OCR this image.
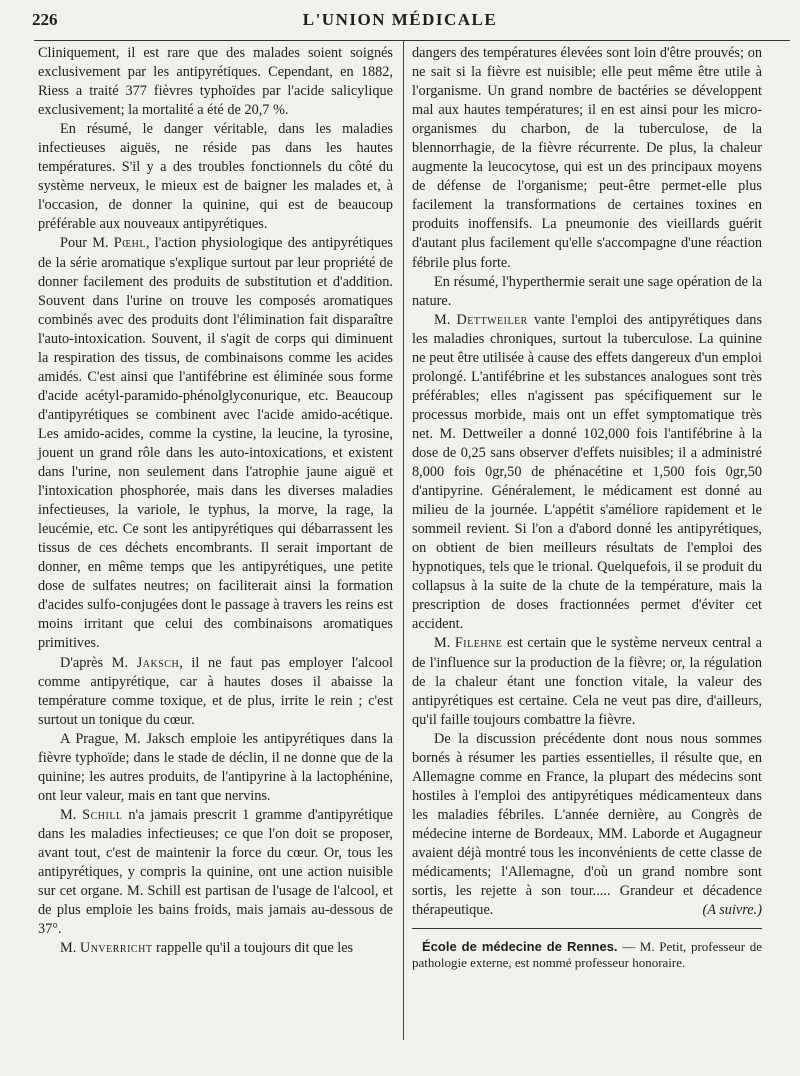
226	L'UNION MÉDICALE

Cliniquement, il est rare que des malades soient soignés exclusivement par les antipyrétiques. Cependant, en 1882, Riess a traité 377 fièvres typhoïdes par l'acide salicylique exclusivement; la mortalité a été de 20,7 %.

En résumé, le danger véritable, dans les maladies infectieuses aiguës, ne réside pas dans les hautes températures. S'il y a des troubles fonctionnels du côté du système nerveux, le mieux est de baigner les malades et, à l'occasion, de donner la quinine, qui est de beaucoup préférable aux nouveaux antipyrétiques.

Pour M. Pœhl, l'action physiologique des antipyrétiques de la série aromatique s'explique surtout par leur propriété de donner facilement des produits de substitution et d'addition. Souvent dans l'urine on trouve les composés aromatiques combinés avec des produits dont l'élimination fait disparaître l'auto-intoxication. Souvent, il s'agit de corps qui diminuent la respiration des tissus, de combinaisons comme les acides amidés. C'est ainsi que l'antifébrine est éliminée sous forme d'acide acétyl-paramido-phénolglyconurique, etc. Beaucoup d'antipyrétiques se combinent avec l'acide amido-acétique. Les amido-acides, comme la cystine, la leucine, la tyrosine, jouent un grand rôle dans les auto-intoxications, et existent dans l'urine, non seulement dans l'atrophie jaune aiguë et l'intoxication phosphorée, mais dans les diverses maladies infectieuses, la variole, le typhus, la morve, la rage, la leucémie, etc. Ce sont les antipyrétiques qui débarrassent les tissus de ces déchets encombrants. Il serait important de donner, en même temps que les antipyrétiques, une petite dose de sulfates neutres; on faciliterait ainsi la formation d'acides sulfo-conjugées dont le passage à travers les reins est moins irritant que celui des combinaisons aromatiques primitives.

D'après M. Jaksch, il ne faut pas employer l'alcool comme antipyrétique, car à hautes doses il abaisse la température comme toxique, et de plus, irrite le rein ; c'est surtout un tonique du cœur.

A Prague, M. Jaksch emploie les antipyrétiques dans la fièvre typhoïde; dans le stade de déclin, il ne donne que de la quinine; les autres produits, de l'antipyrine à la lactophénine, ont leur valeur, mais en tant que nervins.

M. Schill n'a jamais prescrit 1 gramme d'antipyrétique dans les maladies infectieuses; ce que l'on doit se proposer, avant tout, c'est de maintenir la force du cœur. Or, tous les antipyrétiques, y compris la quinine, ont une action nuisible sur cet organe. M. Schill est partisan de l'usage de l'alcool, et de plus emploie les bains froids, mais jamais au-dessous de 37°.

M. Unverricht rappelle qu'il a toujours dit que les

dangers des températures élevées sont loin d'être prouvés; on ne sait si la fièvre est nuisible; elle peut même être utile à l'organisme. Un grand nombre de bactéries se développent mal aux hautes températures; il en est ainsi pour les micro-organismes du charbon, de la tuberculose, de la blennorrhagie, de la fièvre récurrente. De plus, la chaleur augmente la leucocytose, qui est un des principaux moyens de défense de l'organisme; peut-être permet-elle plus facilement la transformations de certaines toxines en produits inoffensifs. La pneumonie des vieillards guérit d'autant plus facilement qu'elle s'accompagne d'une réaction fébrile plus forte.

En résumé, l'hyperthermie serait une sage opération de la nature.

M. Dettweiler vante l'emploi des antipyrétiques dans les maladies chroniques, surtout la tuberculose. La quinine ne peut être utilisée à cause des effets dangereux d'un emploi prolongé. L'antifébrine et les substances analogues sont très préférables; elles n'agissent pas spécifiquement sur le processus morbide, mais ont un effet symptomatique très net. M. Dettweiler a donné 102,000 fois l'antifébrine à la dose de 0,25 sans observer d'effets nuisibles; il a administré 8,000 fois 0gr,50 de phénacétine et 1,500 fois 0gr,50 d'antipyrine. Généralement, le médicament est donné au milieu de la journée. L'appétit s'améliore rapidement et le sommeil revient. Si l'on a d'abord donné les antipyrétiques, on obtient de bien meilleurs résultats de l'emploi des hypnotiques, tels que le trional. Quelquefois, il se produit du collapsus à la suite de la chute de la température, mais la prescription de doses fractionnées permet d'éviter cet accident.

M. Filehne est certain que le système nerveux central a de l'influence sur la production de la fièvre; or, la régulation de la chaleur étant une fonction vitale, la valeur des antipyrétiques est certaine. Cela ne veut pas dire, d'ailleurs, qu'il faille toujours combattre la fièvre.

De la discussion précédente dont nous nous sommes bornés à résumer les parties essentielles, il résulte que, en Allemagne comme en France, la plupart des médecins sont hostiles à l'emploi des antipyrétiques médicamenteux dans les maladies fébriles. L'année dernière, au Congrès de médecine interne de Bordeaux, MM. Laborde et Augagneur avaient déjà montré tous les inconvénients de cette classe de médicaments; l'Allemagne, d'où un grand nombre sont sortis, les rejette à son tour..... Grandeur et décadence thérapeutique.	(A suivre.)

École de médecine de Rennes. — M. Petit, professeur de pathologie externe, est nommé professeur honoraire.
